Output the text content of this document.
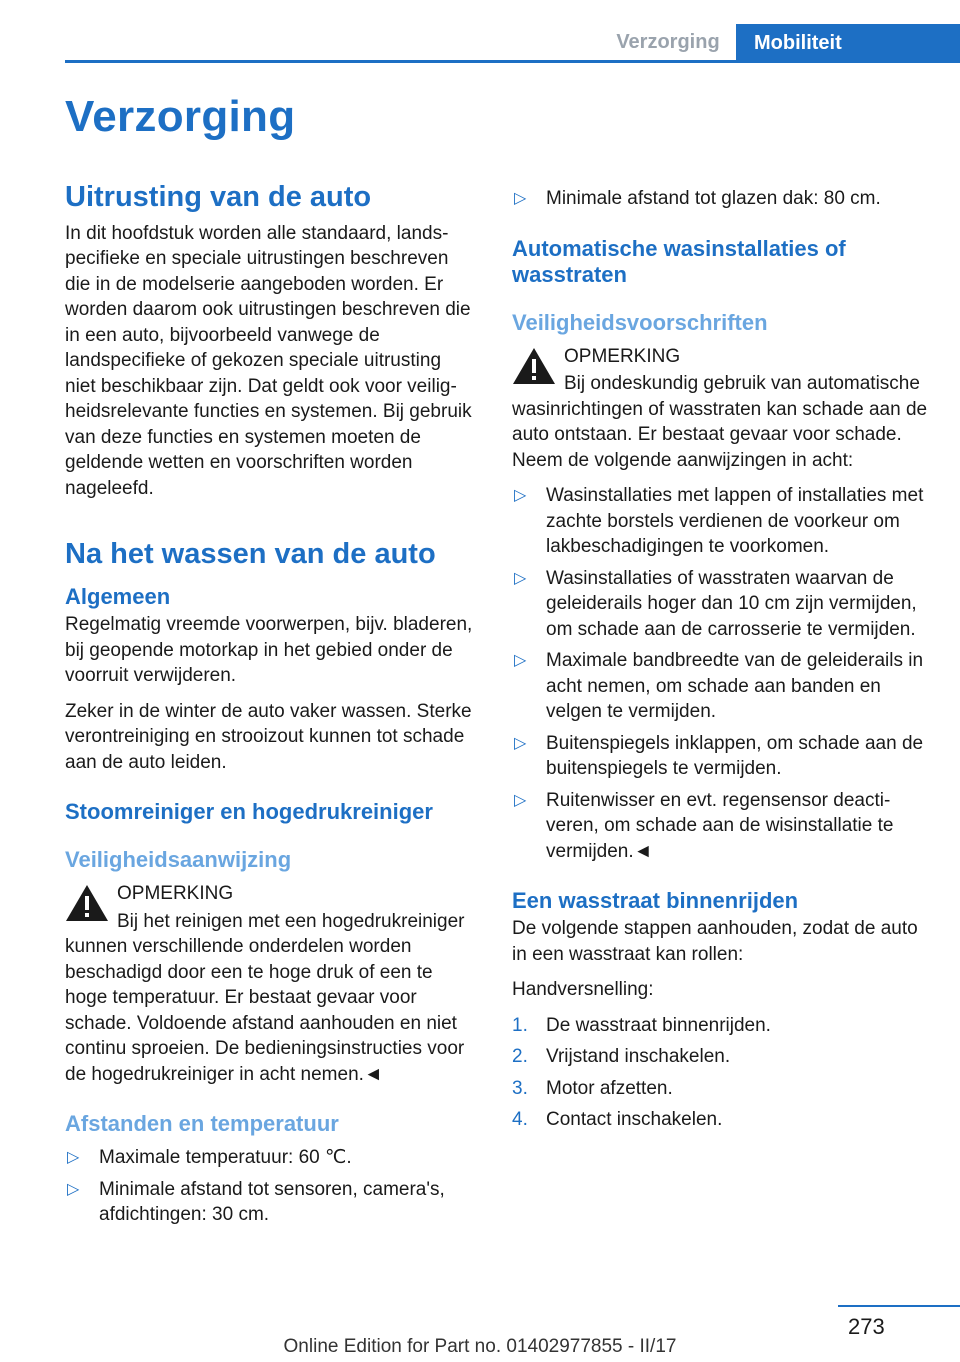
Verzorging	Mobiliteit
Verzorging
Uitrusting van de auto

In dit hoofdstuk worden alle standaard, landspecifieke en speciale uitrustingen beschreven die in de modelserie aangeboden worden. Er worden daarom ook uitrustingen beschreven die in een auto, bijvoorbeeld vanwege de landspecifieke of gekozen speciale uitrusting niet beschikbaar zijn. Dat geldt ook voor veiligheidsrelevante functies en systemen. Bij gebruik van deze functies en systemen moeten de geldende wetten en voorschriften worden nageleefd.

Na het wassen van de auto
Algemeen

Regelmatig vreemde voorwerpen, bijv. bladeren, bij geopende motorkap in het gebied onder de voorruit verwijderen.

Zeker in de winter de auto vaker wassen. Sterke verontreiniging en strooizout kunnen tot schade aan de auto leiden.

Stoomreiniger en hogedrukreiniger
Veiligheidsaanwijzing
OPMERKING
Bij het reinigen met een hogedrukreiniger kunnen verschillende onderdelen worden beschadigd door een te hoge druk of een te hoge temperatuur. Er bestaat gevaar voor schade. Voldoende afstand aanhouden en niet continu sproeien. De bedieningsinstructies voor de hogedrukreiniger in acht nemen.◄
Afstanden en temperatuur
▷ Maximale temperatuur: 60 ℃.
▷ Minimale afstand tot sensoren, camera's, afdichtingen: 30 cm.
▷ Minimale afstand tot glazen dak: 80 cm.
Automatische wasinstallaties of wasstraten
Veiligheidsvoorschriften
OPMERKING
Bij ondeskundig gebruik van automatische wasinrichtingen of wasstraten kan schade aan de auto ontstaan. Er bestaat gevaar voor schade. Neem de volgende aanwijzingen in acht:
▷ Wasinstallaties met lappen of installaties met zachte borstels verdienen de voorkeur om lakbeschadigingen te voorkomen.
▷ Wasinstallaties of wasstraten waarvan de geleiderails hoger dan 10 cm zijn vermijden, om schade aan de carrosserie te vermijden.
▷ Maximale bandbreedte van de geleiderails in acht nemen, om schade aan banden en velgen te vermijden.
▷ Buitenspiegels inklappen, om schade aan de buitenspiegels te vermijden.
▷ Ruitenwisser en evt. regensensor deactiveren, om schade aan de wisinstallatie te vermijden.◄
Een wasstraat binnenrijden

De volgende stappen aanhouden, zodat de auto in een wasstraat kan rollen:

Handversnelling:

1. De wasstraat binnenrijden.
2. Vrijstand inschakelen.
3. Motor afzetten.
4. Contact inschakelen.
273
Online Edition for Part no. 01402977855 - II/17
